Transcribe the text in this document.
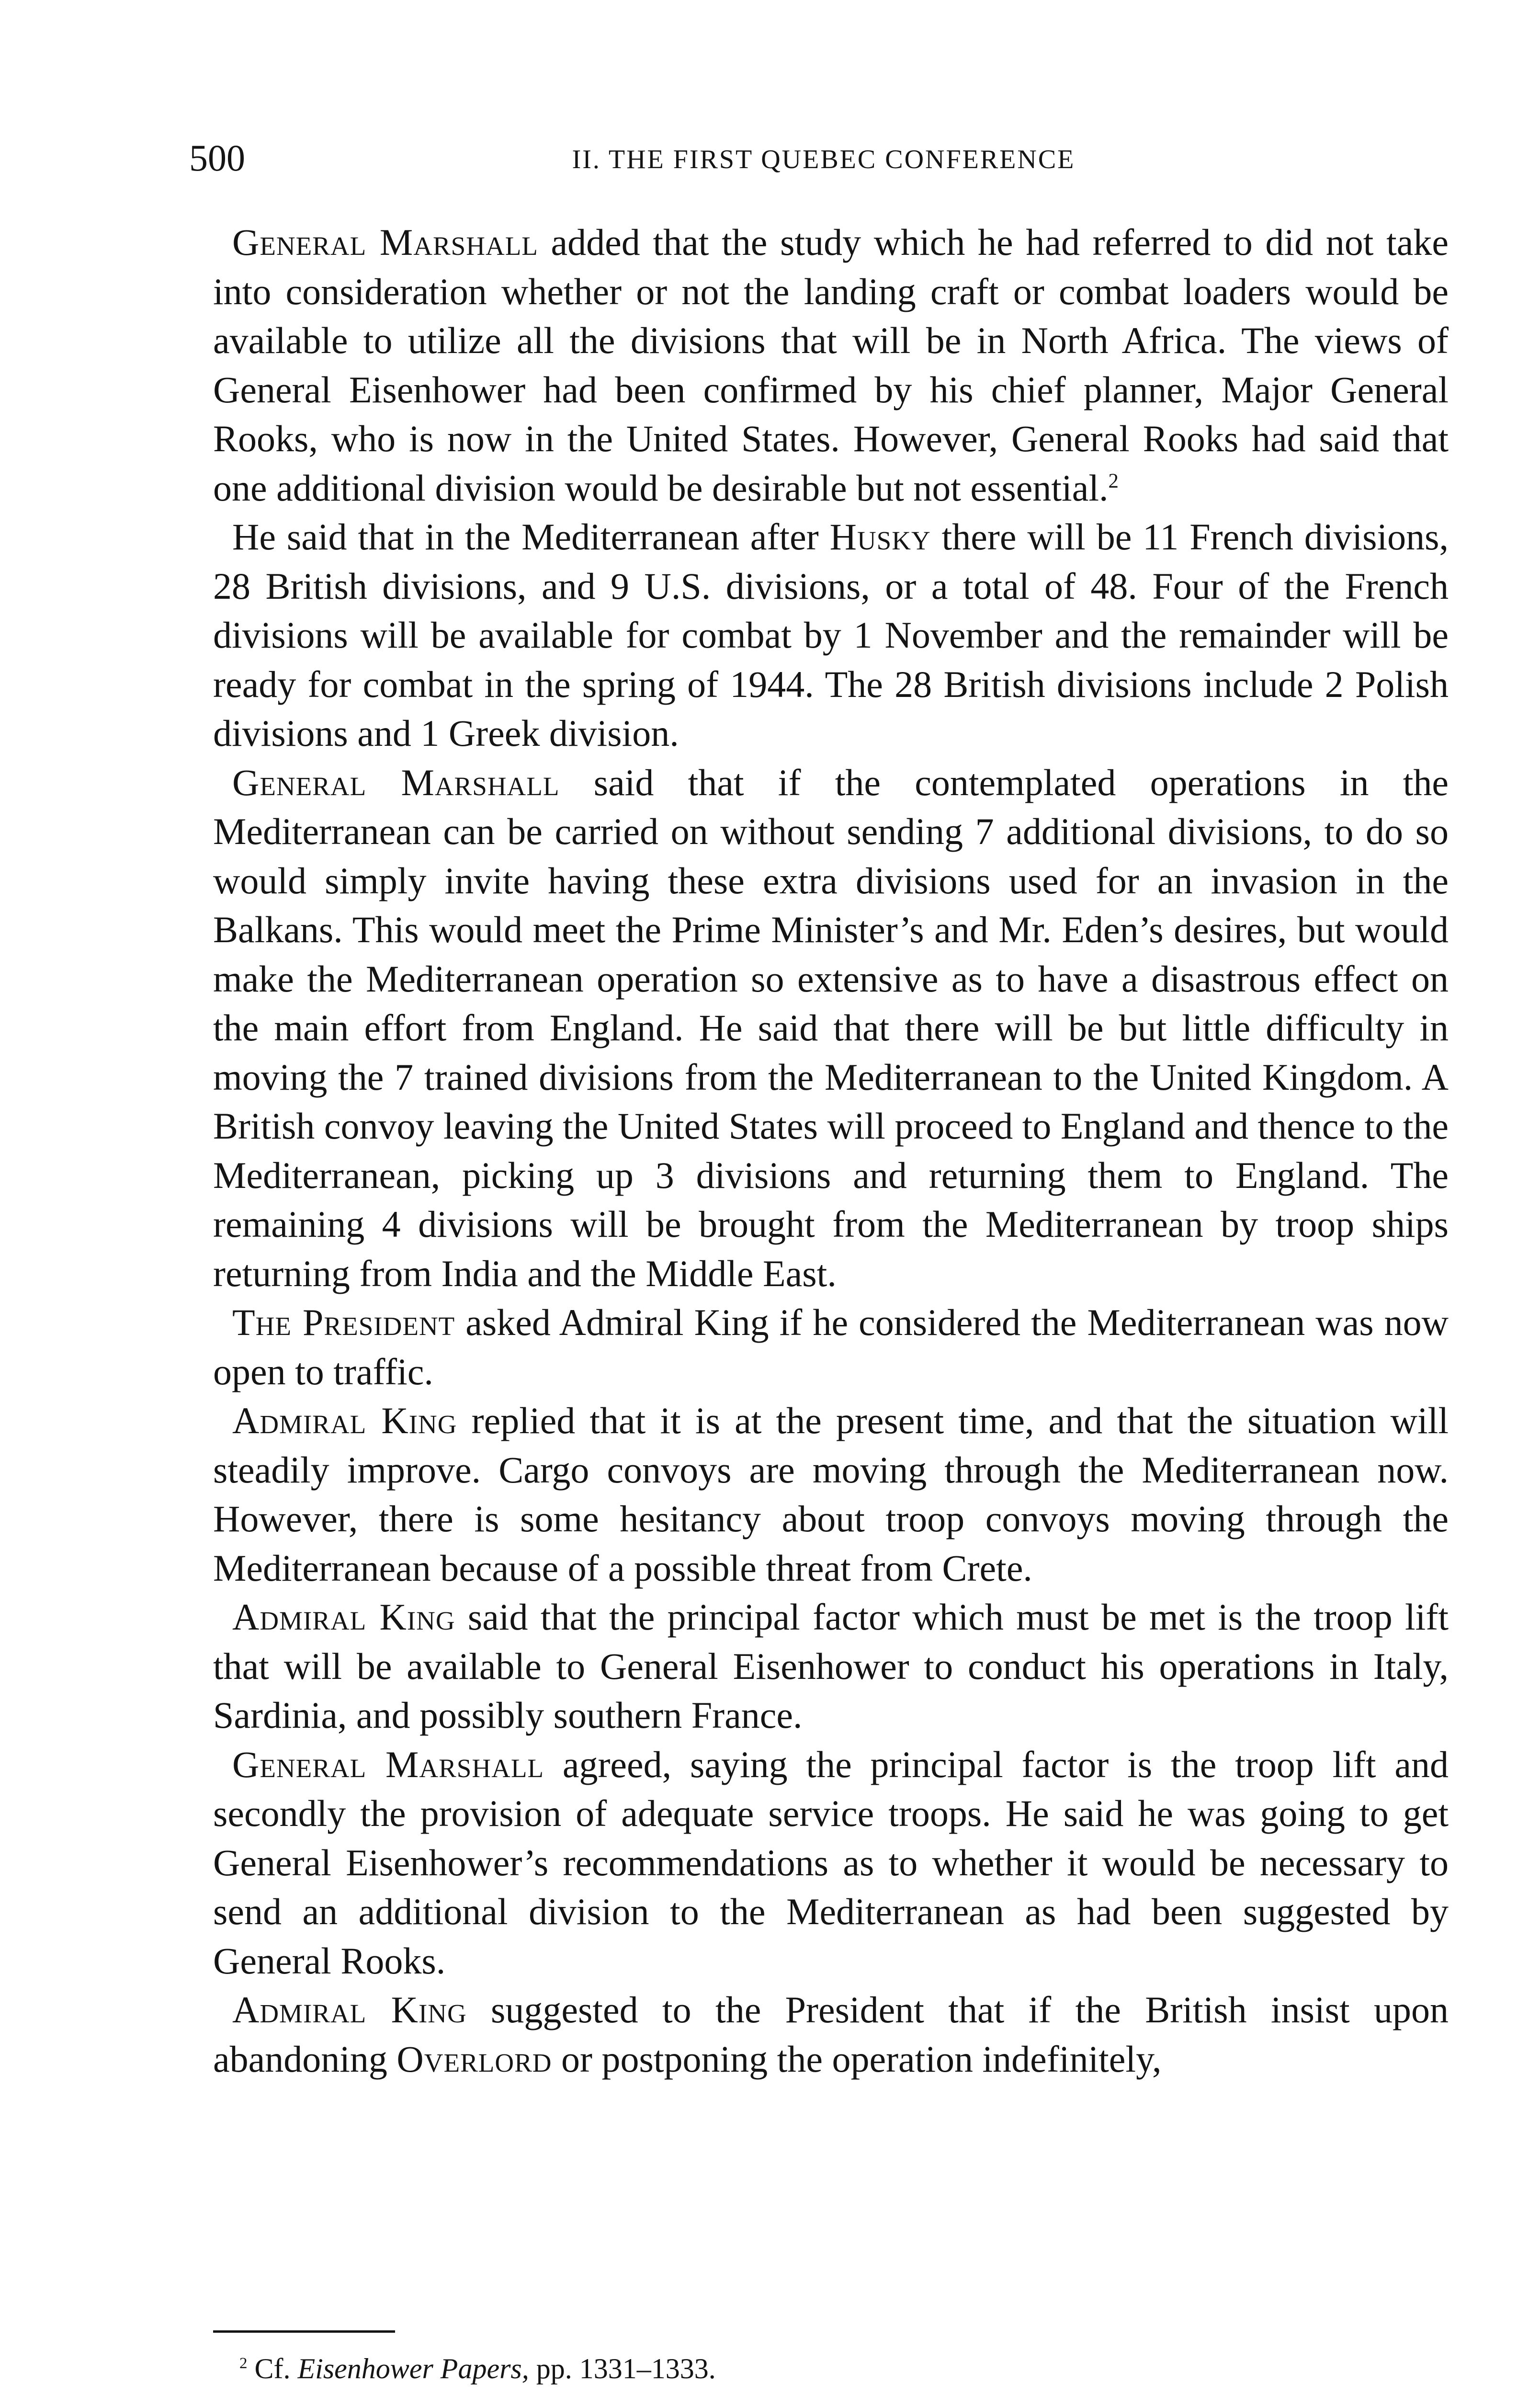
500	II. THE FIRST QUEBEC CONFERENCE

General Marshall added that the study which he had referred to did not take into consideration whether or not the landing craft or combat loaders would be available to utilize all the divisions that will be in North Africa. The views of General Eisenhower had been confirmed by his chief planner, Major General Rooks, who is now in the United States. However, General Rooks had said that one additional division would be desirable but not essential.$^2$

He said that in the Mediterranean after Husky there will be 11 French divisions, 28 British divisions, and 9 U.S. divisions, or a total of 48. Four of the French divisions will be available for combat by 1 November and the remainder will be ready for combat in the spring of 1944. The 28 British divisions include 2 Polish divisions and 1 Greek division.

General Marshall said that if the contemplated operations in the Mediterranean can be carried on without sending 7 additional divisions, to do so would simply invite having these extra divisions used for an invasion in the Balkans. This would meet the Prime Minister’s and Mr. Eden’s desires, but would make the Mediterranean operation so extensive as to have a disastrous effect on the main effort from England. He said that there will be but little difficulty in moving the 7 trained divisions from the Mediterranean to the United Kingdom. A British convoy leaving the United States will proceed to England and thence to the Mediterranean, picking up 3 divisions and returning them to England. The remaining 4 divisions will be brought from the Mediterranean by troop ships returning from India and the Middle East.

The President asked Admiral King if he considered the Mediterranean was now open to traffic.

Admiral King replied that it is at the present time, and that the situation will steadily improve. Cargo convoys are moving through the Mediterranean now. However, there is some hesitancy about troop convoys moving through the Mediterranean because of a possible threat from Crete.

Admiral King said that the principal factor which must be met is the troop lift that will be available to General Eisenhower to conduct his operations in Italy, Sardinia, and possibly southern France.

General Marshall agreed, saying the principal factor is the troop lift and secondly the provision of adequate service troops. He said he was going to get General Eisenhower’s recommendations as to whether it would be necessary to send an additional division to the Mediterranean as had been suggested by General Rooks.

Admiral King suggested to the President that if the British insist upon abandoning Overlord or postponing the operation indefinitely,

$^2$ Cf. Eisenhower Papers, pp. 1331–1333.
